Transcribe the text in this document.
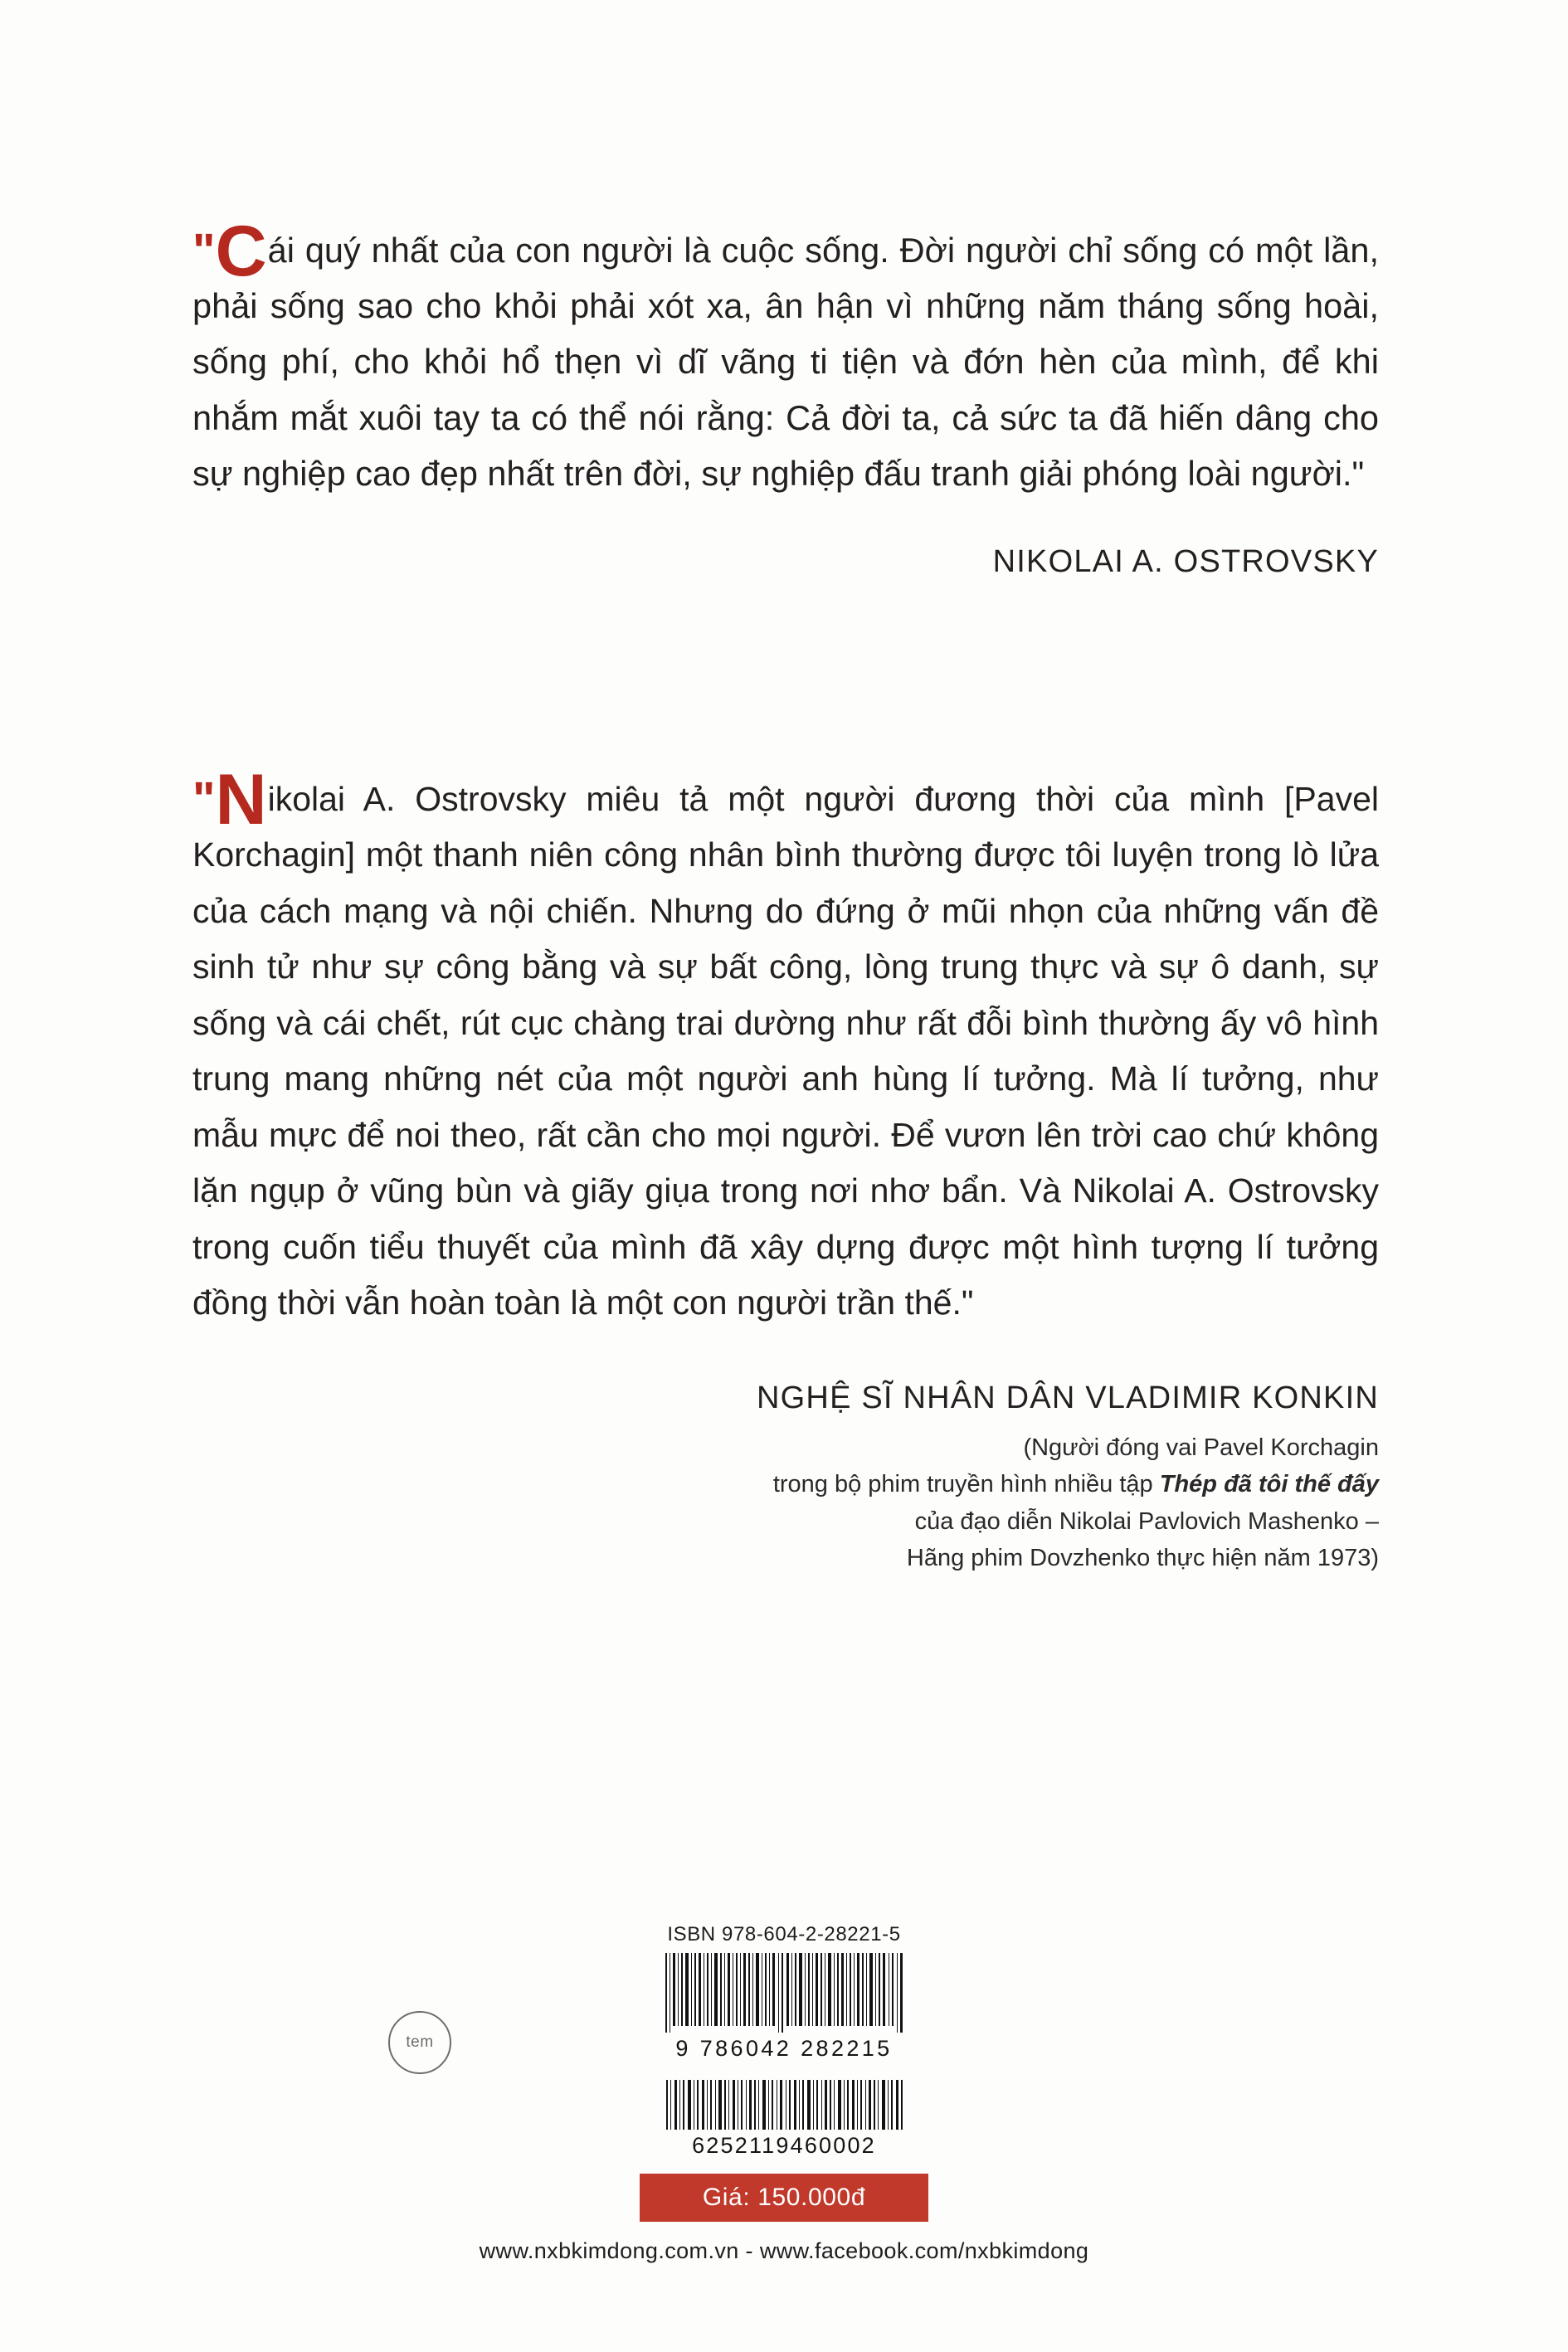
"Cái quý nhất của con người là cuộc sống. Đời người chỉ sống có một lần, phải sống sao cho khỏi phải xót xa, ân hận vì những năm tháng sống hoài, sống phí, cho khỏi hổ thẹn vì dĩ vãng ti tiện và đớn hèn của mình, để khi nhắm mắt xuôi tay ta có thể nói rằng: Cả đời ta, cả sức ta đã hiến dâng cho sự nghiệp cao đẹp nhất trên đời, sự nghiệp đấu tranh giải phóng loài người."
NIKOLAI A. OSTROVSKY
"Nikolai A. Ostrovsky miêu tả một người đương thời của mình [Pavel Korchagin] một thanh niên công nhân bình thường được tôi luyện trong lò lửa của cách mạng và nội chiến. Nhưng do đứng ở mũi nhọn của những vấn đề sinh tử như sự công bằng và sự bất công, lòng trung thực và sự ô danh, sự sống và cái chết, rút cục chàng trai dường như rất đỗi bình thường ấy vô hình trung mang những nét của một người anh hùng lí tưởng. Mà lí tưởng, như mẫu mực để noi theo, rất cần cho mọi người. Để vươn lên trời cao chứ không lặn ngụp ở vũng bùn và giãy giụa trong nơi nhơ bẩn. Và Nikolai A. Ostrovsky trong cuốn tiểu thuyết của mình đã xây dựng được một hình tượng lí tưởng đồng thời vẫn hoàn toàn là một con người trần thế."
NGHỆ SĨ NHÂN DÂN VLADIMIR KONKIN
(Người đóng vai Pavel Korchagin
trong bộ phim truyền hình nhiều tập Thép đã tôi thế đấy
của đạo diễn Nikolai Pavlovich Mashenko –
Hãng phim Dovzhenko thực hiện năm 1973)
tem
ISBN 978-604-2-28221-5
9 786042 282215
6252119460002
Giá: 150.000đ
www.nxbkimdong.com.vn - www.facebook.com/nxbkimdong
